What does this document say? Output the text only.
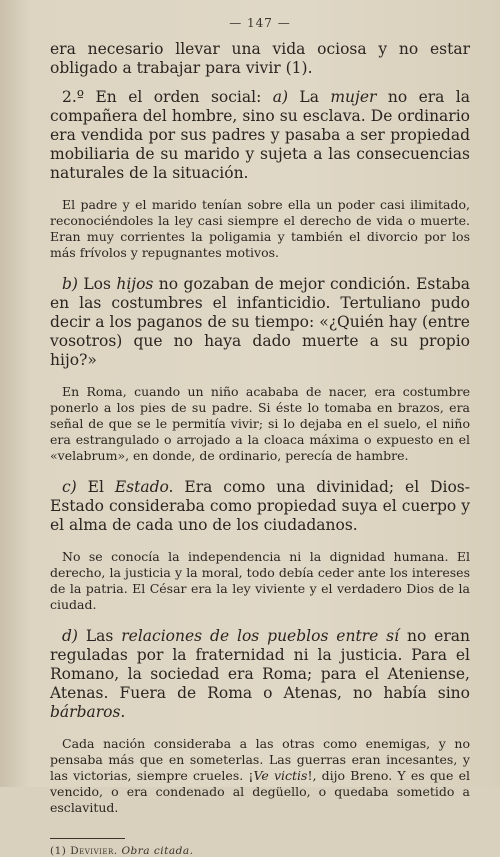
— 147 —

era necesario llevar una vida ociosa y no estar obligado a trabajar para vivir (1).

2.º En el orden social: a) La mujer no era la compañera del hombre, sino su esclava. De ordinario era vendida por sus padres y pasaba a ser propiedad mobiliaria de su marido y sujeta a las consecuencias naturales de la situación.

El padre y el marido tenían sobre ella un poder casi ilimitado, reconociéndoles la ley casi siempre el derecho de vida o muerte. Eran muy corrientes la poligamia y también el divorcio por los más frívolos y repugnantes motivos.

b) Los hijos no gozaban de mejor condición. Estaba en las costumbres el infanticidio. Tertuliano pudo decir a los paganos de su tiempo: «¿Quién hay (entre vosotros) que no haya dado muerte a su propio hijo?»

En Roma, cuando un niño acababa de nacer, era costumbre ponerlo a los pies de su padre. Si éste lo tomaba en brazos, era señal de que se le permitía vivir; si lo dejaba en el suelo, el niño era estrangulado o arrojado a la cloaca máxima o expuesto en el «velabrum», en donde, de ordinario, perecía de hambre.

c) El Estado. Era como una divinidad; el Dios-Estado consideraba como propiedad suya el cuerpo y el alma de cada uno de los ciudadanos.

No se conocía la independencia ni la dignidad humana. El derecho, la justicia y la moral, todo debía ceder ante los intereses de la patria. El César era la ley viviente y el verdadero Dios de la ciudad.

d) Las relaciones de los pueblos entre sí no eran reguladas por la fraternidad ni la justicia. Para el Romano, la sociedad era Roma; para el Ateniense, Atenas. Fuera de Roma o Atenas, no había sino bárbaros.

Cada nación consideraba a las otras como enemigas, y no pensaba más que en someterlas. Las guerras eran incesantes, y las victorias, siempre crueles. ¡Ve victis!, dijo Breno. Y es que el vencido, o era condenado al degüello, o quedaba sometido a esclavitud.

(1) Devivier. Obra citada.
